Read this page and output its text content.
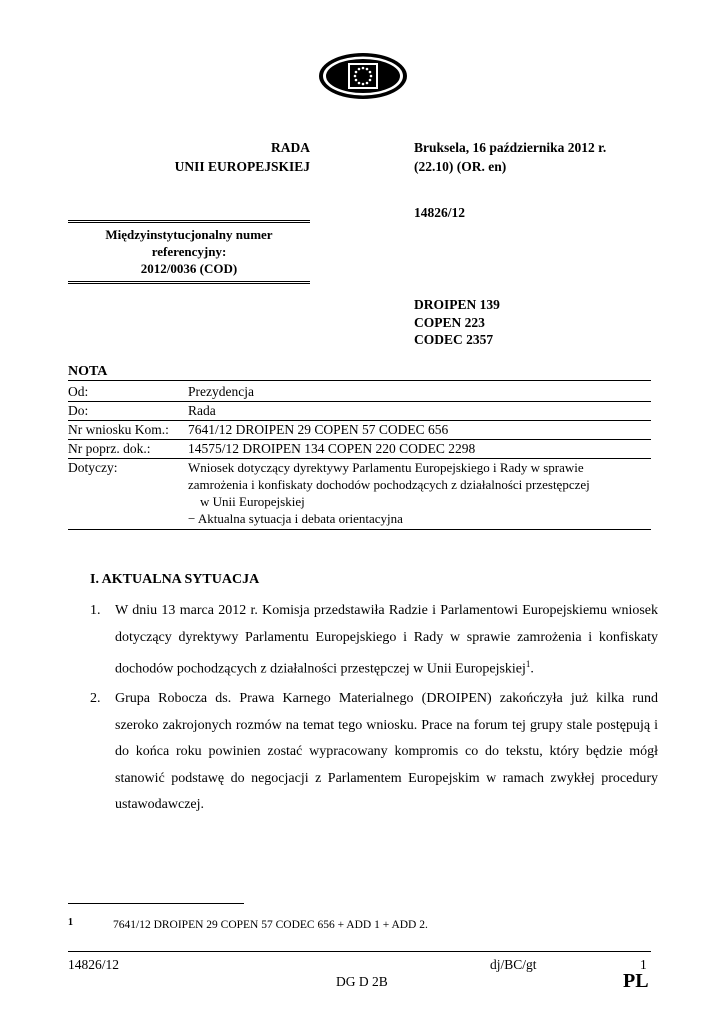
RADA
UNII EUROPEJSKIEJ
Bruksela, 16 października 2012 r.
(22.10) (OR. en)
14826/12
Międzyinstytucjonalny numer
referencyjny:
2012/0036 (COD)
DROIPEN 139
COPEN 223
CODEC 2357
NOTA
Od:	Prezydencja
Do:	Rada
Nr wniosku Kom.:	7641/12 DROIPEN 29 COPEN 57 CODEC 656
Nr poprz. dok.:	14575/12 DROIPEN 134 COPEN 220 CODEC 2298
Dotyczy:	Wniosek dotyczący dyrektywy Parlamentu Europejskiego i Rady w sprawie
zamrożenia i konfiskaty dochodów pochodzących z działalności przestępczej
w Unii Europejskiej
− Aktualna sytuacja i debata orientacyjna
I. AKTUALNA SYTUACJA
1. W dniu 13 marca 2012 r. Komisja przedstawiła Radzie i Parlamentowi Europejskiemu wniosek dotyczący dyrektywy Parlamentu Europejskiego i Rady w sprawie zamrożenia i konfiskaty dochodów pochodzących z działalności przestępczej w Unii Europejskiej$^1$.
2. Grupa Robocza ds. Prawa Karnego Materialnego (DROIPEN) zakończyła już kilka rund szeroko zakrojonych rozmów na temat tego wniosku. Prace na forum tej grupy stale postępują i do końca roku powinien zostać wypracowany kompromis co do tekstu, który będzie mógł stanowić podstawę do negocjacji z Parlamentem Europejskim w ramach zwykłej procedury ustawodawczej.
1	7641/12 DROIPEN 29 COPEN 57 CODEC 656 + ADD 1 + ADD 2.
14826/12	dj/BC/gt	1
DG D 2B	PL
